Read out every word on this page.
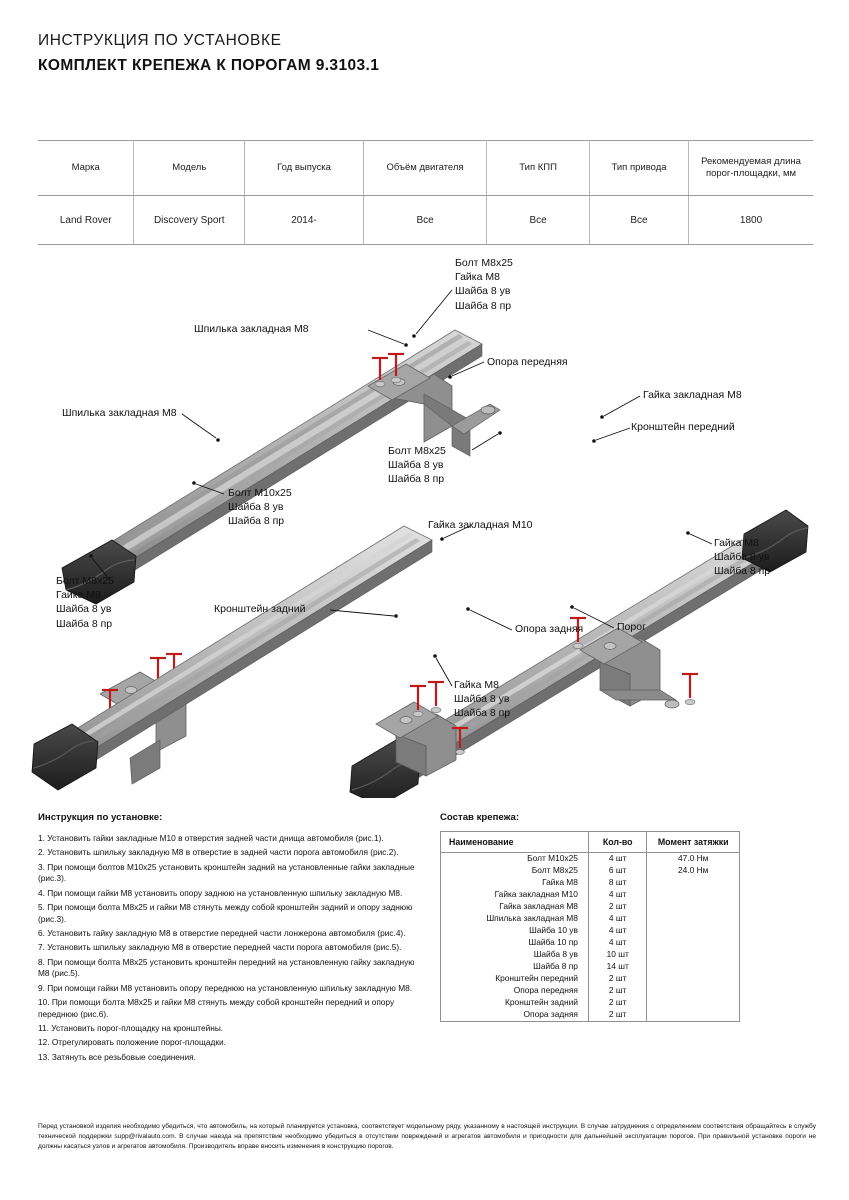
ИНСТРУКЦИЯ ПО УСТАНОВКЕ
КОМПЛЕКТ КРЕПЕЖА К ПОРОГАМ 9.3103.1
Марка	Модель	Год выпуска	Объём двигателя	Тип КПП	Тип привода	Рекомендуемая длина порог-площадки, мм
Land Rover	Discovery Sport	2014-	Все	Все	Все	1800
Болт М8х25
Гайка М8
Шайба 8 ув
Шайба 8 пр
Шпилька закладная М8
Опора передняя
Гайка закладная М8
Кронштейн передний
Шпилька закладная М8
Болт М8х25
Шайба 8 ув
Шайба 8 пр
Болт М10х25
Шайба 8 ув
Шайба 8 пр	Гайка закладная М10
Гайка М8
Шайба 8 ув
Шайба 8 пр
Болт М8х25
Гайка М8
Шайба 8 ув
Шайба 8 пр
Кронштейн задний
Порог
Опора задняя
Гайка М8
Шайба 8 ув
Шайба 8 пр
Инструкция по установке:
1. Установить гайки закладные М10 в отверстия задней части днища автомобиля (рис.1).
2. Установить шпильку закладную М8 в отверстие в задней части порога автомобиля (рис.2).
3. При помощи болтов М10х25 установить кронштейн задний на установленные гайки закладные (рис.3).
4. При помощи гайки М8 установить опору заднюю на установленную шпильку закладную М8.
5. При помощи болта М8х25 и гайки М8 стянуть между собой кронштейн задний и опору заднюю (рис.3).
6. Установить гайку закладную М8 в отверстие передней части лонжерона автомобиля (рис.4).
7. Установить шпильку закладную М8 в отверстие передней части порога автомобиля (рис.5).
8. При помощи болта М8х25 установить кронштейн передний на установленную гайку закладную М8 (рис.5).
9. При помощи гайки М8 установить опору переднюю на установленную шпильку закладную М8.
10. При помощи болта М8х25 и гайки М8 стянуть между собой кронштейн передний и опору переднюю (рис.6).
11. Установить порог-площадку на кронштейны.
12. Отрегулировать положение порог-площадки.
13. Затянуть все резьбовые соединения.
Состав крепежа:
Наименование	Кол-во	Момент затяжки
Болт М10х25	4 шт	47.0 Нм
Болт М8х25	6 шт	24.0 Нм
Гайка М8	8 шт	
Гайка закладная М10	4 шт	
Гайка закладная М8	2 шт	
Шпилька закладная М8	4 шт	
Шайба 10 ув	4 шт	
Шайба 10 пр	4 шт	
Шайба 8 ув	10 шт	
Шайба 8 пр	14 шт	
Кронштейн передний	2 шт	
Опора передняя	2 шт	
Кронштейн задний	2 шт	
Опора задняя	2 шт	
Перед установкой изделия необходимо убедиться, что автомобиль, на который планируется установка, соответствует модельному ряду, указанному в настоящей инструкции. В случае затруднения с определением соответствия обращайтесь в службу технической поддержки supp@rivalauto.com. В случае наезда на препятствие необходимо убедиться в отсутствии повреждений и агрегатов автомобиля и пригодности для дальнейшей эксплуатации порогов. При правильной установке пороги не должны касаться узлов и агрегатов автомобиля. Производитель вправе вносить изменения в конструкцию порогов.
